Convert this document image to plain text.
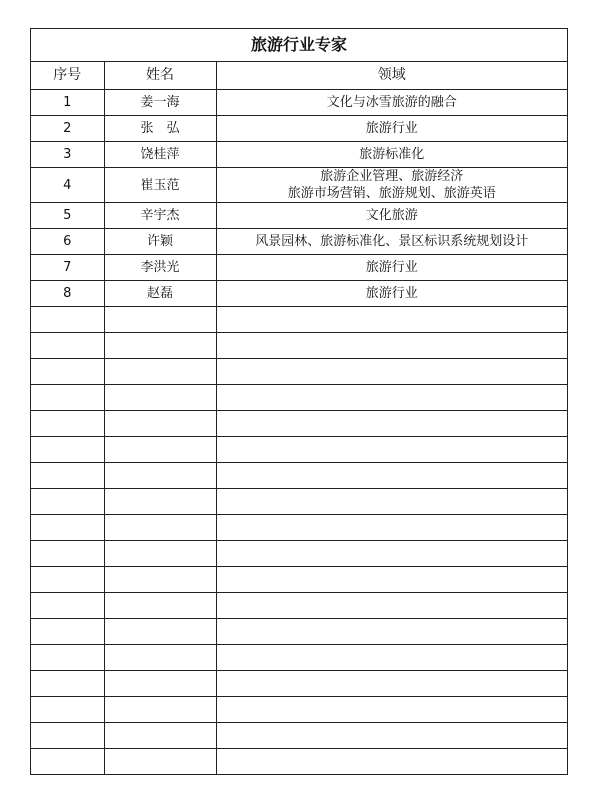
旅游行业专家
序号	姓名	领域
1	姜一海	文化与冰雪旅游的融合

2	张　弘	旅游行业

3	饶桂萍	旅游标准化

4	崔玉范	旅游企业管理、旅游经济
旅游市场营销、旅游规划、旅游英语

5	辛宇杰	文化旅游

6	许颖	风景园林、旅游标准化、景区标识系统规划设计

7	李洪光	旅游行业

8	赵磊	旅游行业
